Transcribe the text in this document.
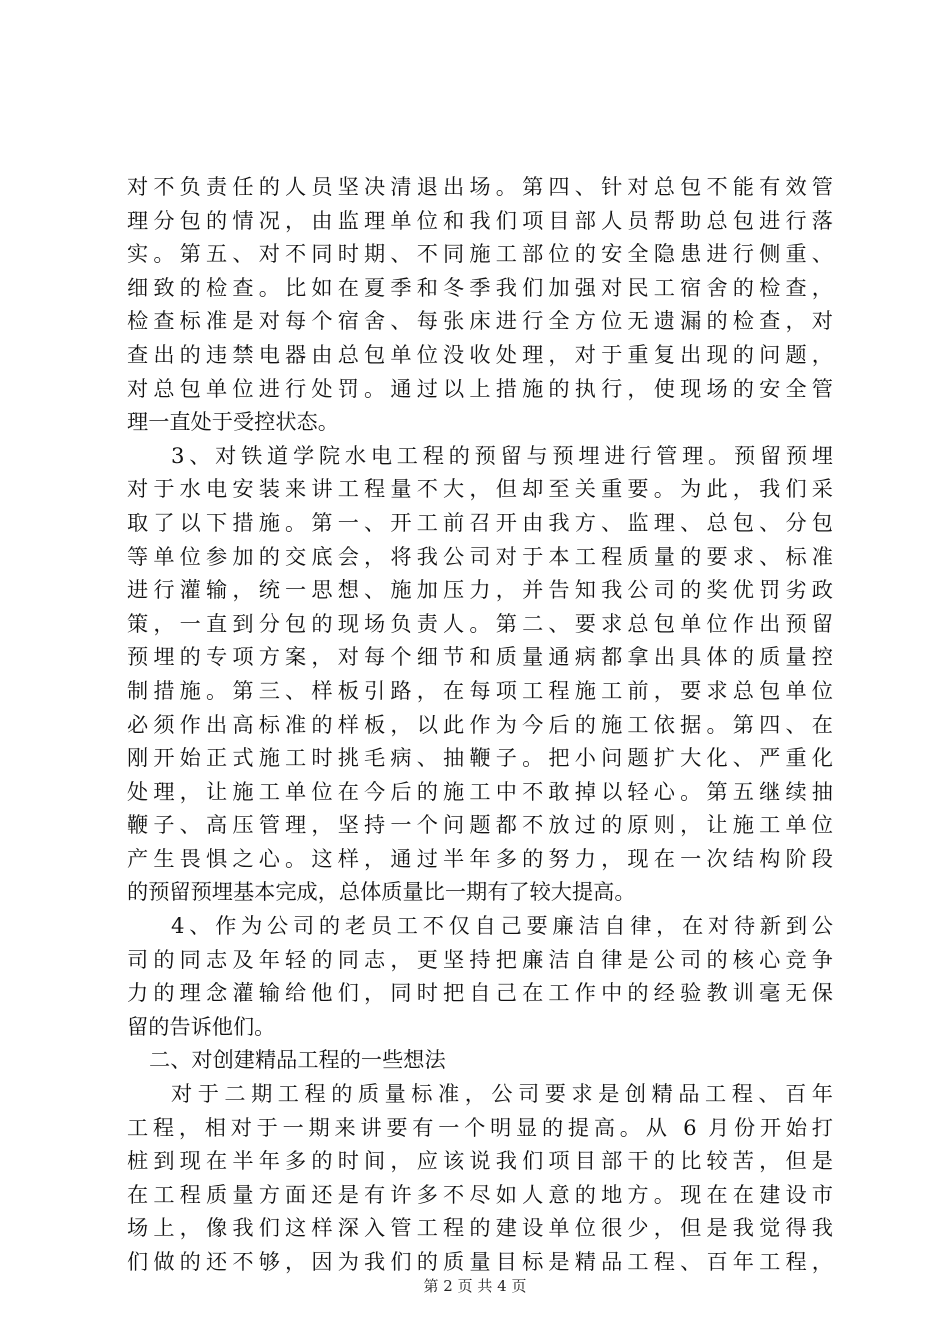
对不负责任的人员坚决清退出场。第四、针对总包不能有效管
理分包的情况，由监理单位和我们项目部人员帮助总包进行落
实。第五、对不同时期、不同施工部位的安全隐患进行侧重、
细致的检查。比如在夏季和冬季我们加强对民工宿舍的检查，
检查标准是对每个宿舍、每张床进行全方位无遗漏的检查，对
查出的违禁电器由总包单位没收处理，对于重复出现的问题，
对总包单位进行处罚。通过以上措施的执行，使现场的安全管
理一直处于受控状态。
3、对铁道学院水电工程的预留与预埋进行管理。预留预埋
对于水电安装来讲工程量不大，但却至关重要。为此，我们采
取了以下措施。第一、开工前召开由我方、监理、总包、分包
等单位参加的交底会，将我公司对于本工程质量的要求、标准
进行灌输，统一思想、施加压力，并告知我公司的奖优罚劣政
策，一直到分包的现场负责人。第二、要求总包单位作出预留
预埋的专项方案，对每个细节和质量通病都拿出具体的质量控
制措施。第三、样板引路，在每项工程施工前，要求总包单位
必须作出高标准的样板，以此作为今后的施工依据。第四、在
刚开始正式施工时挑毛病、抽鞭子。把小问题扩大化、严重化
处理，让施工单位在今后的施工中不敢掉以轻心。第五继续抽
鞭子、高压管理，坚持一个问题都不放过的原则，让施工单位
产生畏惧之心。这样，通过半年多的努力，现在一次结构阶段
的预留预埋基本完成，总体质量比一期有了较大提高。
4、作为公司的老员工不仅自己要廉洁自律，在对待新到公
司的同志及年轻的同志，更坚持把廉洁自律是公司的核心竞争
力的理念灌输给他们，同时把自己在工作中的经验教训毫无保
留的告诉他们。
二、对创建精品工程的一些想法
对于二期工程的质量标准，公司要求是创精品工程、百年
工程，相对于一期来讲要有一个明显的提高。从 6 月份开始打
桩到现在半年多的时间，应该说我们项目部干的比较苦，但是
在工程质量方面还是有许多不尽如人意的地方。现在在建设市
场上，像我们这样深入管工程的建设单位很少，但是我觉得我
们做的还不够，因为我们的质量目标是精品工程、百年工程，
第 2 页 共 4 页
